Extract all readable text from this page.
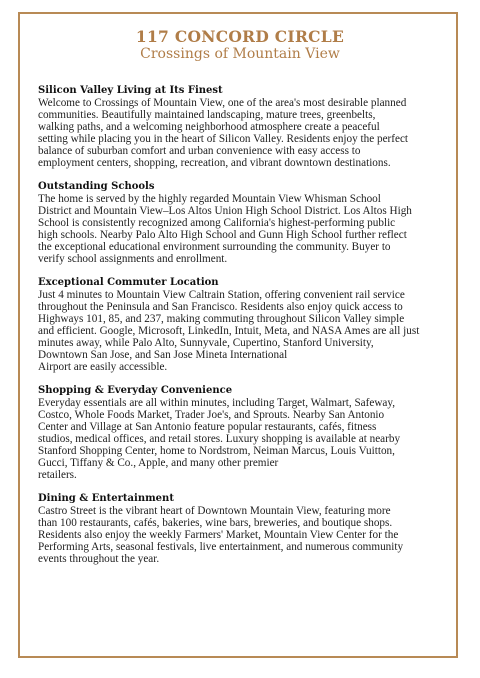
117 CONCORD CIRCLE
Crossings of Mountain View
Silicon Valley Living at Its Finest
Welcome to Crossings of Mountain View, one of the area's most desirable planned
communities. Beautifully maintained landscaping, mature trees, greenbelts,
walking paths, and a welcoming neighborhood atmosphere create a peaceful
setting while placing you in the heart of Silicon Valley. Residents enjoy the perfect
balance of suburban comfort and urban convenience with easy access to
employment centers, shopping, recreation, and vibrant downtown destinations.
Outstanding Schools
The home is served by the highly regarded Mountain View Whisman School
District and Mountain View–Los Altos Union High School District. Los Altos High
School is consistently recognized among California's highest-performing public
high schools. Nearby Palo Alto High School and Gunn High School further reflect
the exceptional educational environment surrounding the community. Buyer to
verify school assignments and enrollment.
Exceptional Commuter Location
Just 4 minutes to Mountain View Caltrain Station, offering convenient rail service
throughout the Peninsula and San Francisco. Residents also enjoy quick access to
Highways 101, 85, and 237, making commuting throughout Silicon Valley simple
and efficient. Google, Microsoft, LinkedIn, Intuit, Meta, and NASA Ames are all just
minutes away, while Palo Alto, Sunnyvale, Cupertino, Stanford University,
Downtown San Jose, and San Jose Mineta International
Airport are easily accessible.
Shopping & Everyday Convenience
Everyday essentials are all within minutes, including Target, Walmart, Safeway,
Costco, Whole Foods Market, Trader Joe's, and Sprouts. Nearby San Antonio
Center and Village at San Antonio feature popular restaurants, cafés, fitness
studios, medical offices, and retail stores. Luxury shopping is available at nearby
Stanford Shopping Center, home to Nordstrom, Neiman Marcus, Louis Vuitton,
Gucci, Tiffany & Co., Apple, and many other premier
retailers.
Dining & Entertainment
Castro Street is the vibrant heart of Downtown Mountain View, featuring more
than 100 restaurants, cafés, bakeries, wine bars, breweries, and boutique shops.
Residents also enjoy the weekly Farmers' Market, Mountain View Center for the
Performing Arts, seasonal festivals, live entertainment, and numerous community
events throughout the year.
